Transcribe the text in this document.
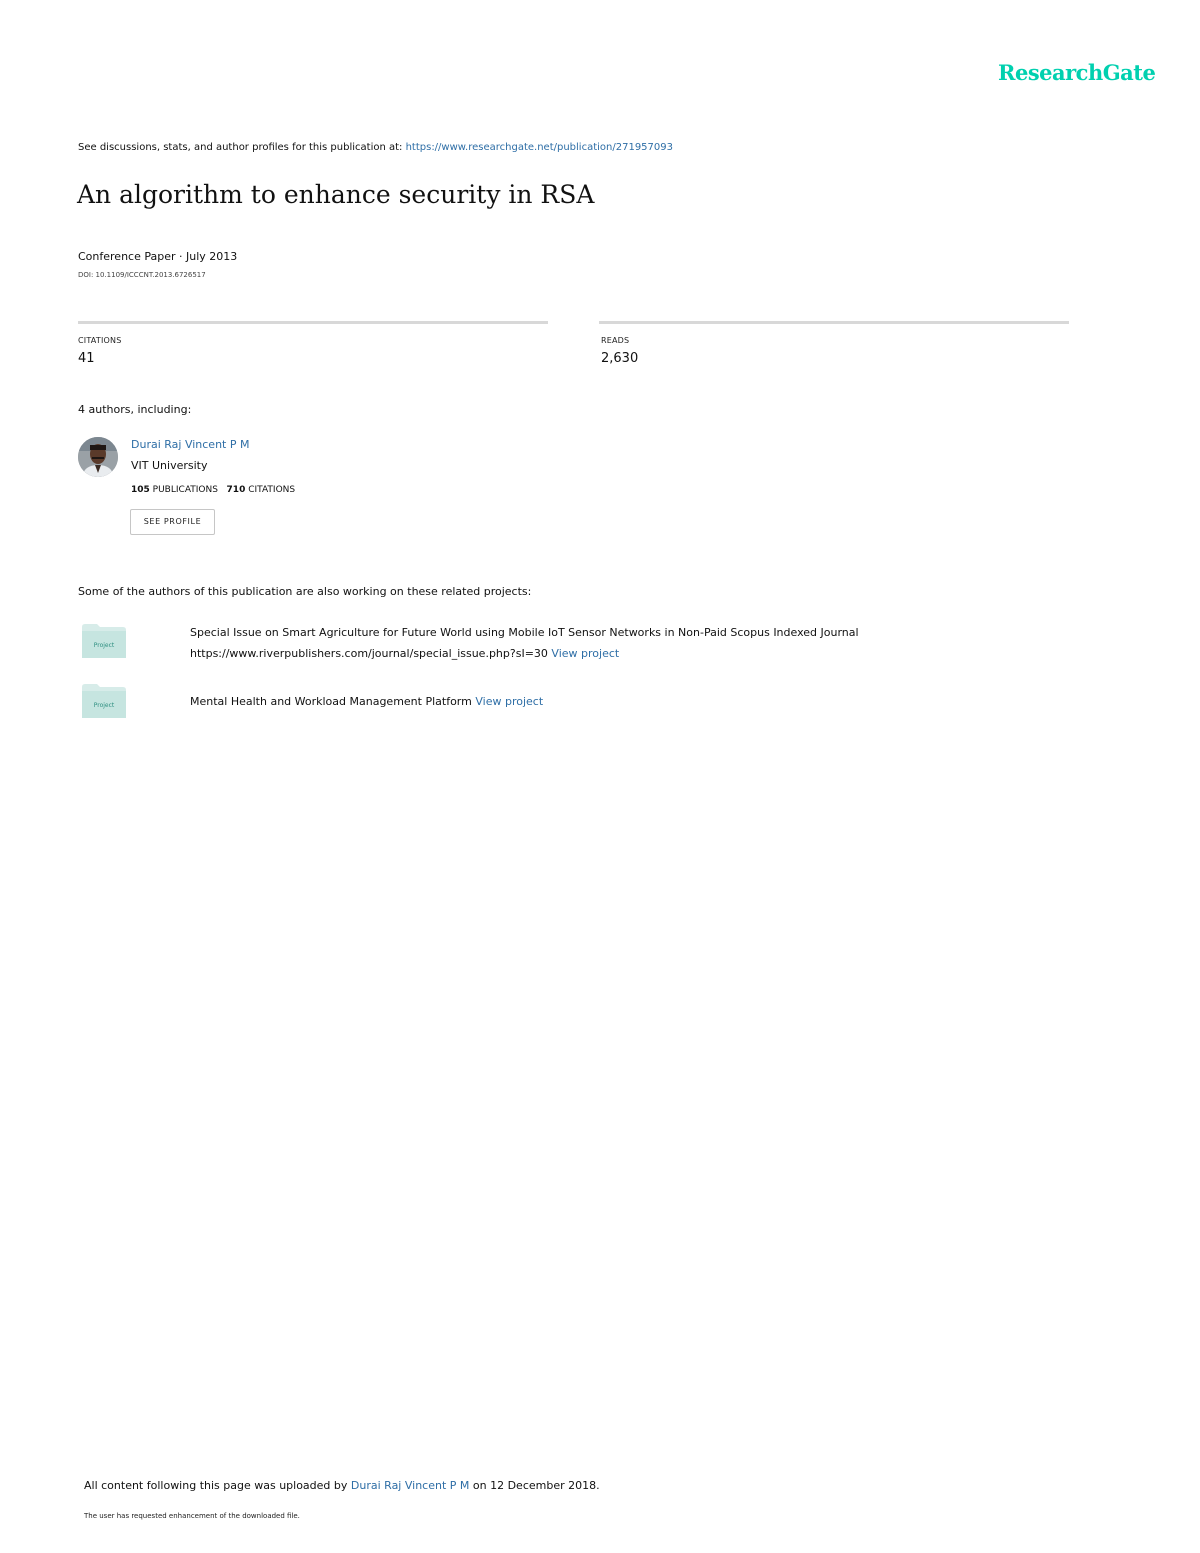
ResearchGate
See discussions, stats, and author profiles for this publication at: https://www.researchgate.net/publication/271957093
An algorithm to enhance security in RSA
Conference Paper · July 2013
DOI: 10.1109/ICCCNT.2013.6726517
CITATIONS
41
READS
2,630
4 authors, including:
Durai Raj Vincent P M
VIT University
105 PUBLICATIONS 710 CITATIONS
SEE PROFILE
Some of the authors of this publication are also working on these related projects:
Project
Special Issue on Smart Agriculture for Future World using Mobile IoT Sensor Networks in Non-Paid Scopus Indexed Journal
https://www.riverpublishers.com/journal/special_issue.php?sI=30 View project
Project	Mental Health and Workload Management Platform View project
All content following this page was uploaded by Durai Raj Vincent P M on 12 December 2018.
The user has requested enhancement of the downloaded file.
